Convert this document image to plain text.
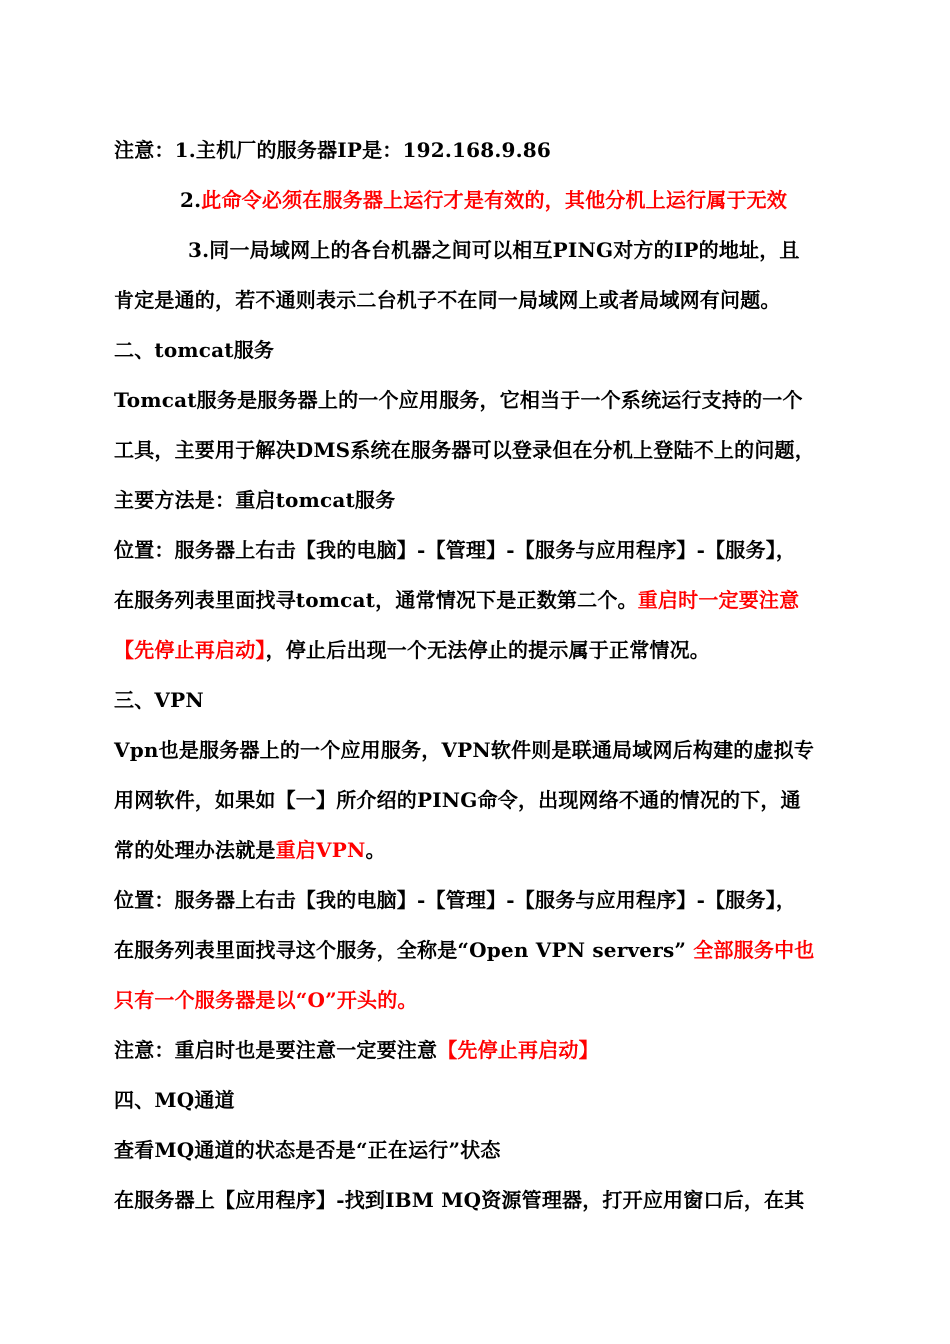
注意：1.主机厂的服务器IP是：192.168.9.86
2.此命令必须在服务器上运行才是有效的，其他分机上运行属于无效
3.同一局域网上的各台机器之间可以相互PING对方的IP的地址，且
肯定是通的，若不通则表示二台机子不在同一局域网上或者局域网有问题。
二、tomcat服务
Tomcat服务是服务器上的一个应用服务，它相当于一个系统运行支持的一个
工具，主要用于解决DMS系统在服务器可以登录但在分机上登陆不上的问题，
主要方法是：重启tomcat服务
位置：服务器上右击【我的电脑】-【管理】-【服务与应用程序】-【服务】，
在服务列表里面找寻tomcat，通常情况下是正数第二个。重启时一定要注意
【先停止再启动】，停止后出现一个无法停止的提示属于正常情况。
三、VPN
Vpn也是服务器上的一个应用服务，VPN软件则是联通局域网后构建的虚拟专
用网软件，如果如【一】所介绍的PING命令，出现网络不通的情况的下，通
常的处理办法就是重启VPN。
位置：服务器上右击【我的电脑】-【管理】-【服务与应用程序】-【服务】，
在服务列表里面找寻这个服务，全称是“Open VPN servers” 全部服务中也
只有一个服务器是以“O”开头的。
注意：重启时也是要注意一定要注意【先停止再启动】
四、MQ通道
查看MQ通道的状态是否是“正在运行”状态
在服务器上【应用程序】-找到IBM MQ资源管理器，打开应用窗口后，在其
